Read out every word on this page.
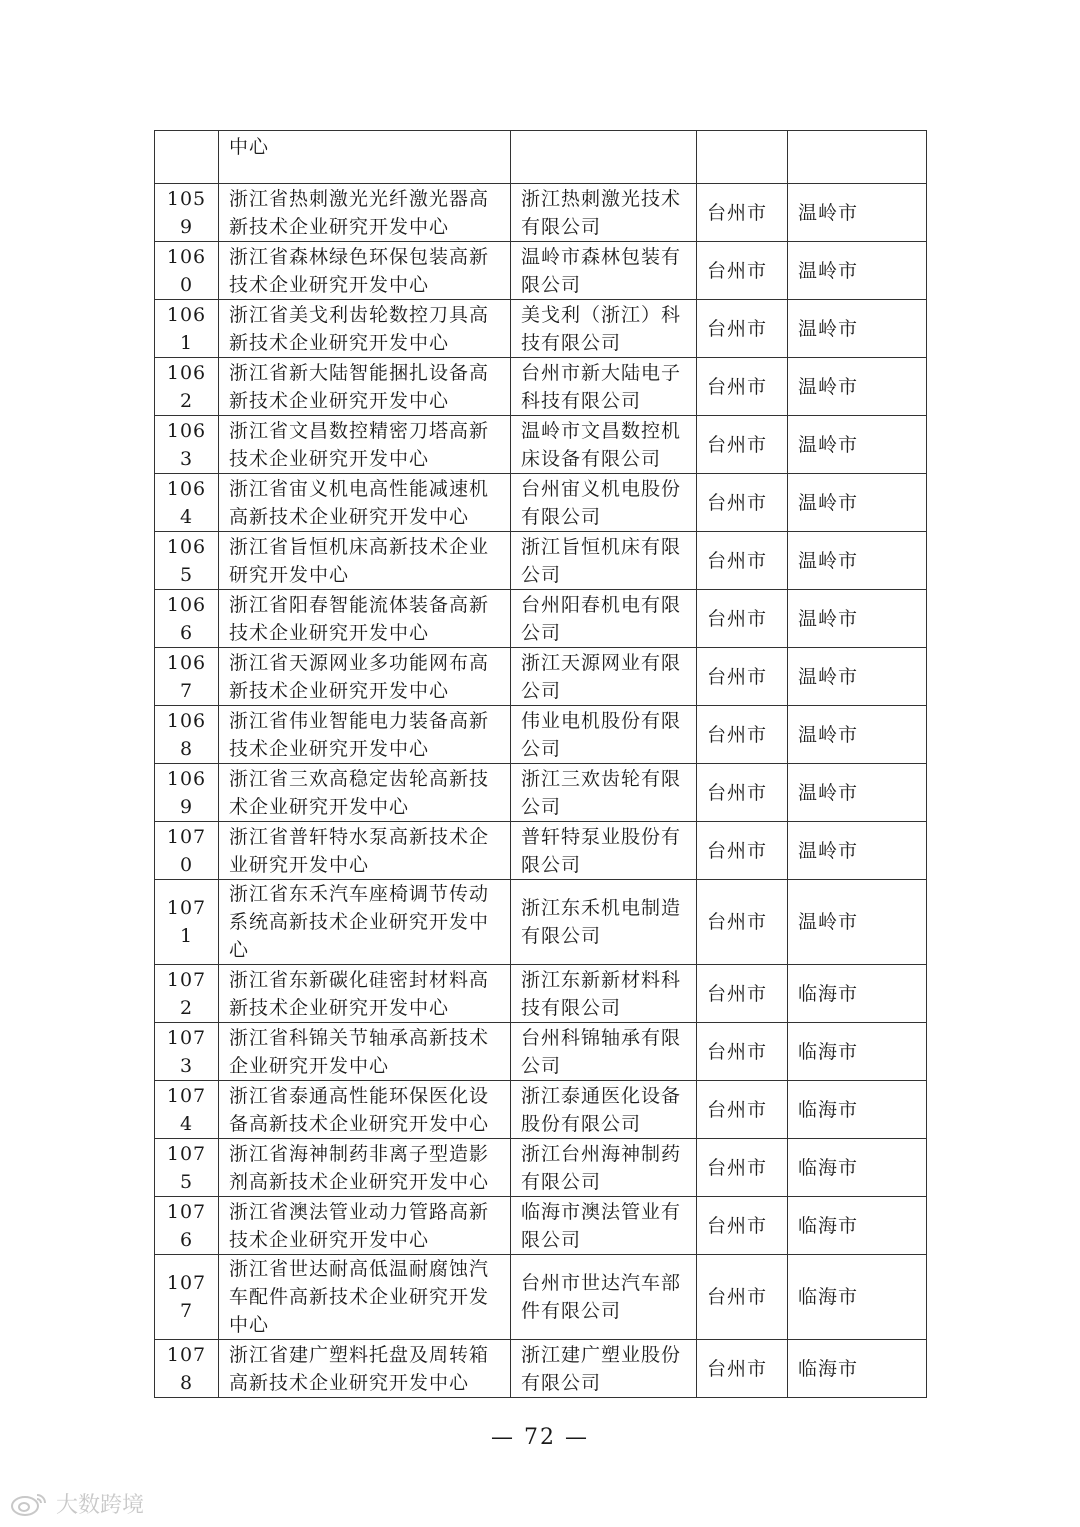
	中心			
1059	浙江省热刺激光光纤激光器高新技术企业研究开发中心	浙江热刺激光技术有限公司	台州市	温岭市
1060	浙江省森林绿色环保包装高新技术企业研究开发中心	温岭市森林包装有限公司	台州市	温岭市
1061	浙江省美戈利齿轮数控刀具高新技术企业研究开发中心	美戈利（浙江）科技有限公司	台州市	温岭市
1062	浙江省新大陆智能捆扎设备高新技术企业研究开发中心	台州市新大陆电子科技有限公司	台州市	温岭市
1063	浙江省文昌数控精密刀塔高新技术企业研究开发中心	温岭市文昌数控机床设备有限公司	台州市	温岭市
1064	浙江省宙义机电高性能减速机高新技术企业研究开发中心	台州宙义机电股份有限公司	台州市	温岭市
1065	浙江省旨恒机床高新技术企业研究开发中心	浙江旨恒机床有限公司	台州市	温岭市
1066	浙江省阳春智能流体装备高新技术企业研究开发中心	台州阳春机电有限公司	台州市	温岭市
1067	浙江省天源网业多功能网布高新技术企业研究开发中心	浙江天源网业有限公司	台州市	温岭市
1068	浙江省伟业智能电力装备高新技术企业研究开发中心	伟业电机股份有限公司	台州市	温岭市
1069	浙江省三欢高稳定齿轮高新技术企业研究开发中心	浙江三欢齿轮有限公司	台州市	温岭市
1070	浙江省普轩特水泵高新技术企业研究开发中心	普轩特泵业股份有限公司	台州市	温岭市
1071	浙江省东禾汽车座椅调节传动系统高新技术企业研究开发中心	浙江东禾机电制造有限公司	台州市	温岭市
1072	浙江省东新碳化硅密封材料高新技术企业研究开发中心	浙江东新新材料科技有限公司	台州市	临海市
1073	浙江省科锦关节轴承高新技术企业研究开发中心	台州科锦轴承有限公司	台州市	临海市
1074	浙江省泰通高性能环保医化设备高新技术企业研究开发中心	浙江泰通医化设备股份有限公司	台州市	临海市
1075	浙江省海神制药非离子型造影剂高新技术企业研究开发中心	浙江台州海神制药有限公司	台州市	临海市
1076	浙江省澳法管业动力管路高新技术企业研究开发中心	临海市澳法管业有限公司	台州市	临海市
1077	浙江省世达耐高低温耐腐蚀汽车配件高新技术企业研究开发中心	台州市世达汽车部件有限公司	台州市	临海市
1078	浙江省建广塑料托盘及周转箱高新技术企业研究开发中心	浙江建广塑业股份有限公司	台州市	临海市
— 72 —
大数跨境
